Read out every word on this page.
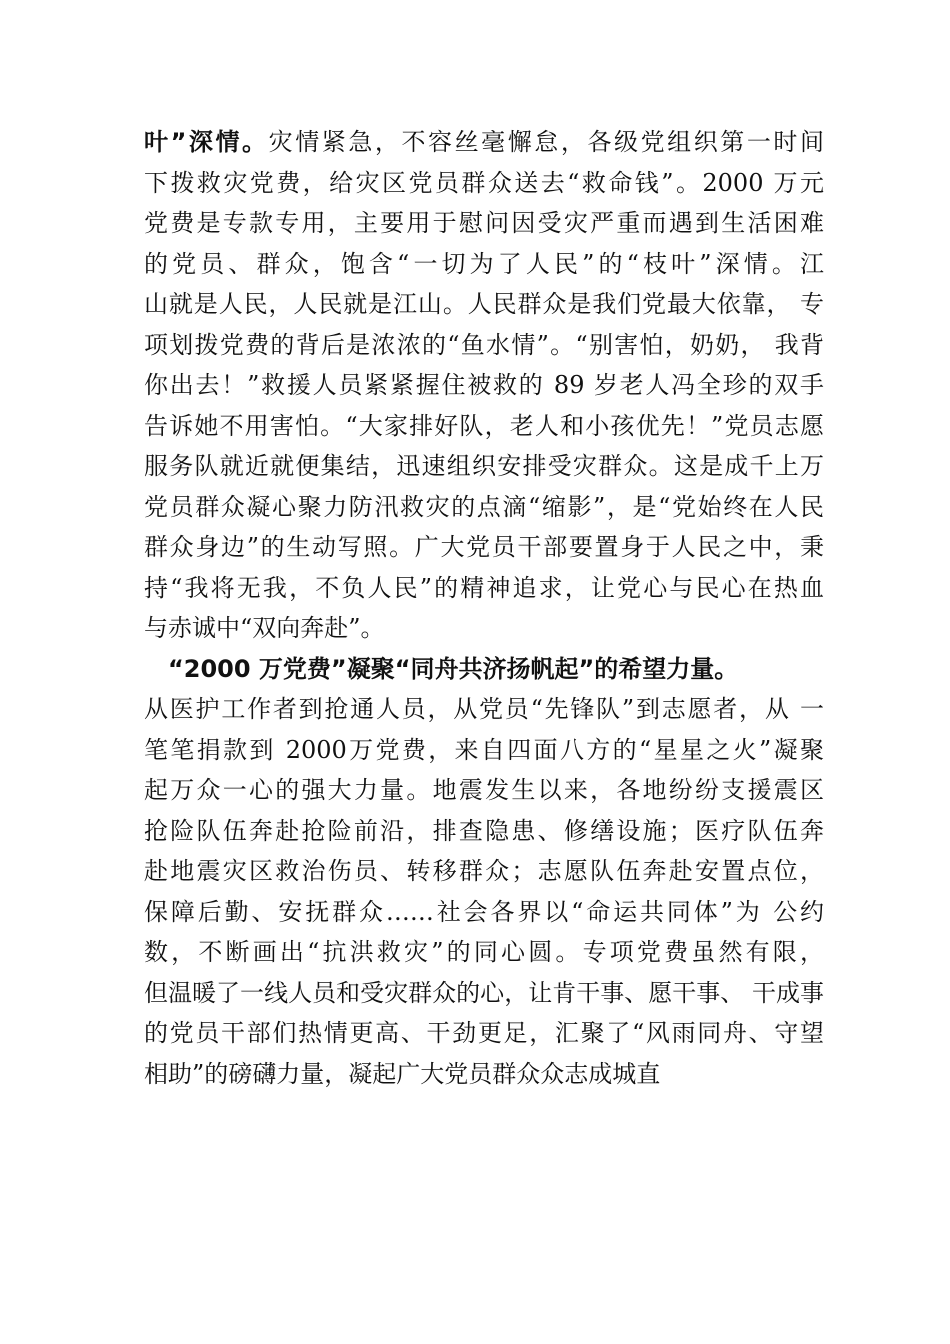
叶”深情。灾情紧急，不容丝毫懈怠，各级党组织第一时间
下拨救灾党费，给灾区党员群众送去“救命钱”。2000 万元
党费是专款专用，主要用于慰问因受灾严重而遇到生活困难
的党员、群众，饱含“一切为了人民”的“枝叶”深情。江
山就是人民，人民就是江山。人民群众是我们党最大依靠， 专
项划拨党费的背后是浓浓的“鱼水情”。“别害怕，奶奶， 我背
你出去！”救援人员紧紧握住被救的 89 岁老人冯全珍的双手
告诉她不用害怕。“大家排好队，老人和小孩优先！”党员志愿
服务队就近就便集结，迅速组织安排受灾群众。这是成千上万
党员群众凝心聚力防汛救灾的点滴“缩影”，是“党始终在人民
群众身边”的生动写照。广大党员干部要置身于人民之中，秉
持“我将无我，不负人民”的精神追求，让党心与民心在热血
与赤诚中“双向奔赴”。
“2000 万党费”凝聚“同舟共济扬帆起”的希望力量。
从医护工作者到抢通人员，从党员“先锋队”到志愿者，从 一
笔笔捐款到 2000万党费，来自四面八方的“星星之火”凝聚
起万众一心的强大力量。地震发生以来，各地纷纷支援震区
抢险队伍奔赴抢险前沿，排查隐患、修缮设施；医疗队伍奔
赴地震灾区救治伤员、转移群众；志愿队伍奔赴安置点位，
保障后勤、安抚群众……社会各界以“命运共同体”为 公约
数，不断画出“抗洪救灾”的同心圆。专项党费虽然有限，
但温暖了一线人员和受灾群众的心，让肯干事、愿干事、 干成事
的党员干部们热情更高、干劲更足，汇聚了“风雨同舟、守望
相助”的磅礴力量，凝起广大党员群众众志成城直
